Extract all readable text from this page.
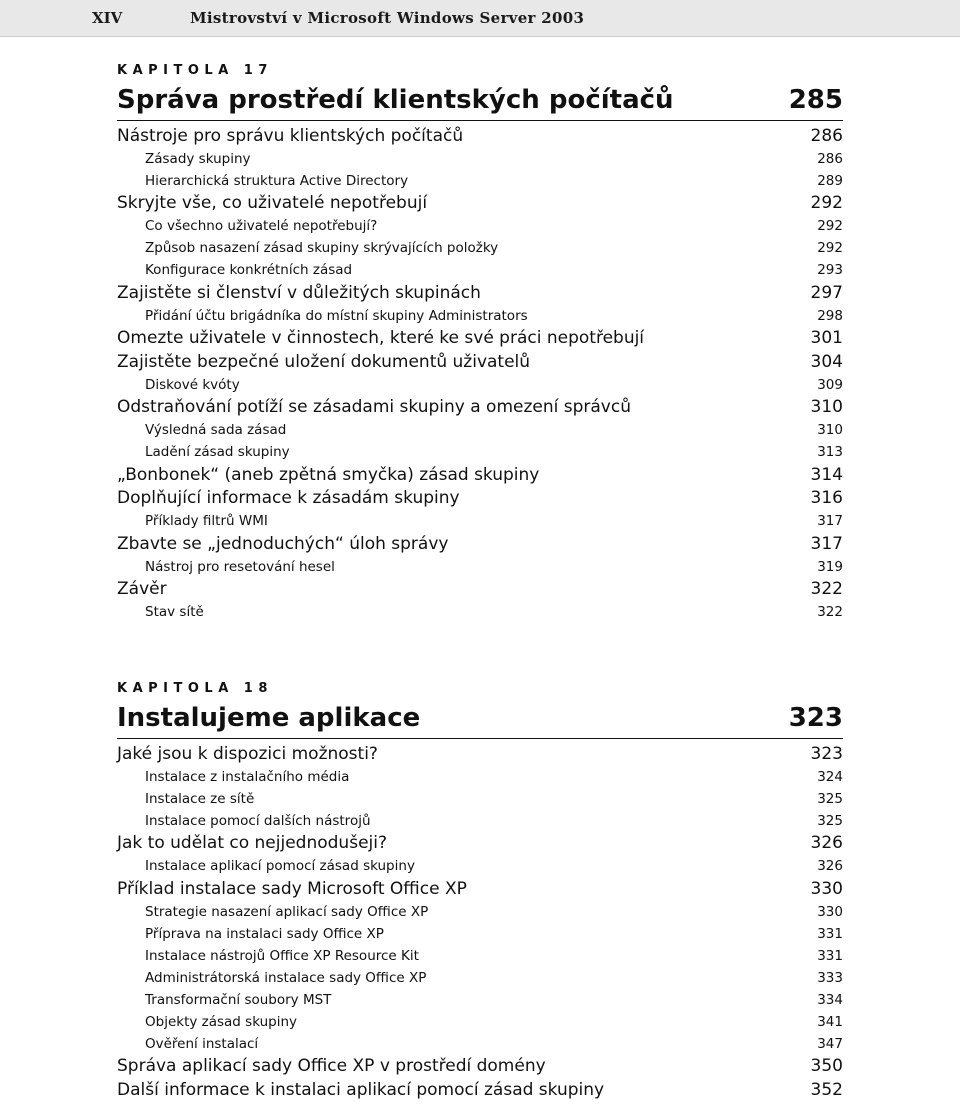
XIV	Mistrovství v Microsoft Windows Server 2003
KAPITOLA 17
Správa prostředí klientských počítačů	285
Nástroje pro správu klientských počítačů	286
Zásady skupiny	286
Hierarchická struktura Active Directory	289
Skryjte vše, co uživatelé nepotřebují	292
Co všechno uživatelé nepotřebují?	292
Způsob nasazení zásad skupiny skrývajících položky	292
Konfigurace konkrétních zásad	293
Zajistěte si členství v důležitých skupinách	297
Přidání účtu brigádníka do místní skupiny Administrators	298
Omezte uživatele v činnostech, které ke své práci nepotřebují	301
Zajistěte bezpečné uložení dokumentů uživatelů	304
Diskové kvóty	309
Odstraňování potíží se zásadami skupiny a omezení správců	310
Výsledná sada zásad	310
Ladění zásad skupiny	313
„Bonbonek“ (aneb zpětná smyčka) zásad skupiny	314
Doplňující informace k zásadám skupiny	316
Příklady filtrů WMI	317
Zbavte se „jednoduchých“ úloh správy	317
Nástroj pro resetování hesel	319
Závěr	322
Stav sítě	322
KAPITOLA 18
Instalujeme aplikace	323
Jaké jsou k dispozici možnosti?	323
Instalace z instalačního média	324
Instalace ze sítě	325
Instalace pomocí dalších nástrojů	325
Jak to udělat co nejjednodušeji?	326
Instalace aplikací pomocí zásad skupiny	326
Příklad instalace sady Microsoft Office XP	330
Strategie nasazení aplikací sady Office XP	330
Příprava na instalaci sady Office XP	331
Instalace nástrojů Office XP Resource Kit	331
Administrátorská instalace sady Office XP	333
Transformační soubory MST	334
Objekty zásad skupiny	341
Ověření instalací	347
Správa aplikací sady Office XP v prostředí domény	350
Další informace k instalaci aplikací pomocí zásad skupiny	352
